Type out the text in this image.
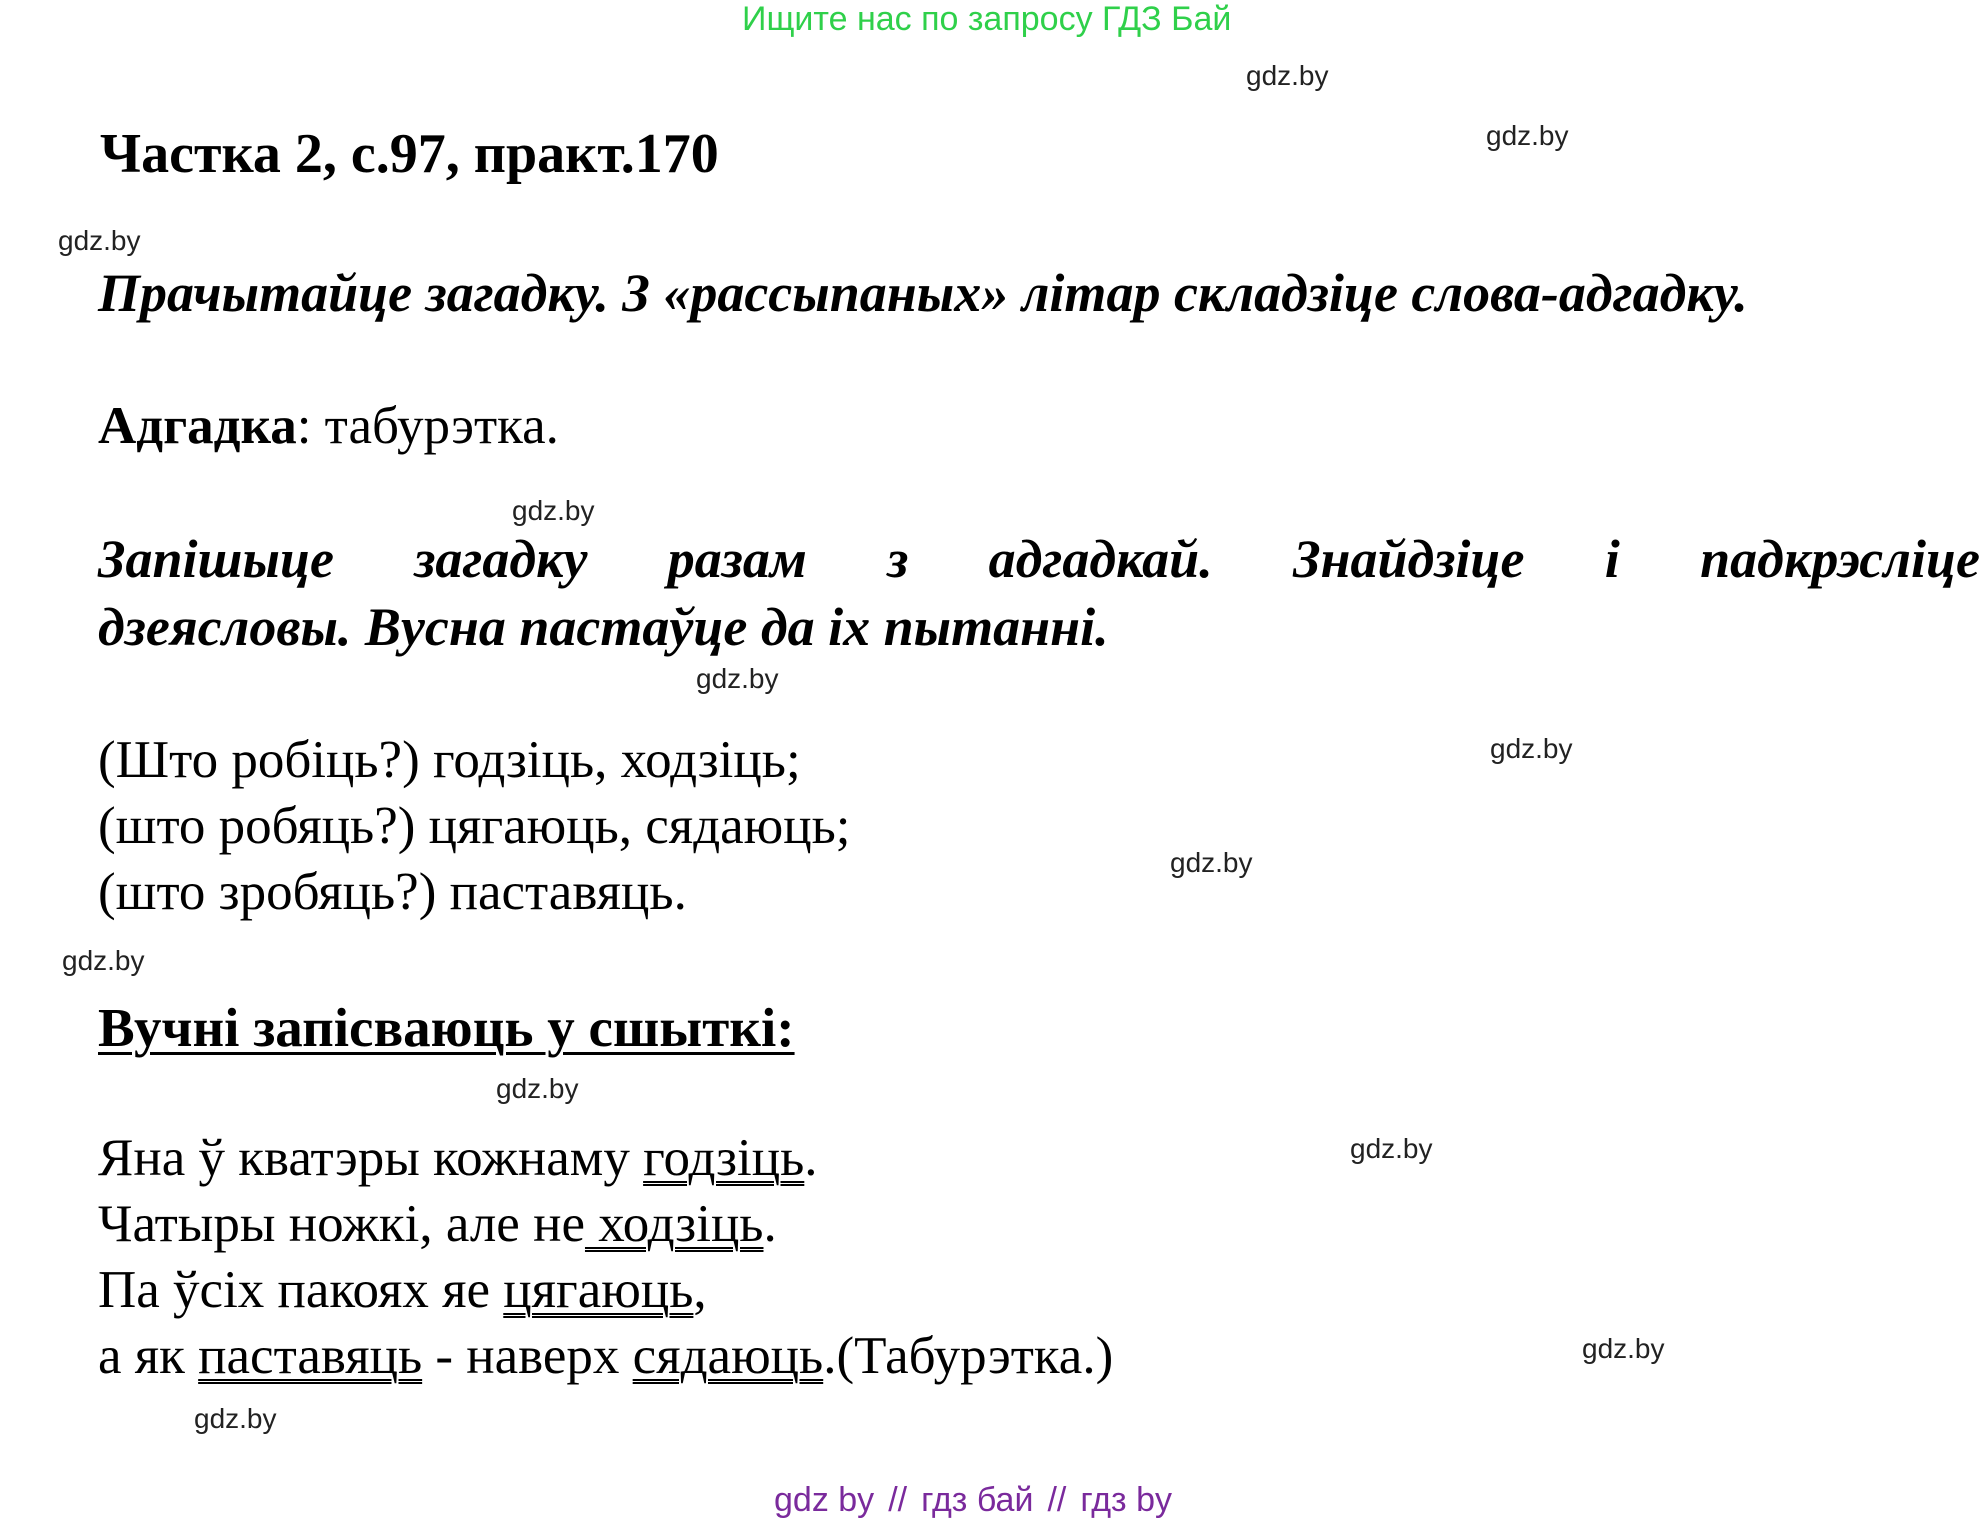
Ищите нас по запросу ГДЗ Бай
gdz.by
gdz.by
gdz.by
gdz.by
gdz.by
gdz.by
gdz.by
gdz.by
gdz.by
gdz.by
gdz.by
gdz.by
Частка 2, с.97, практ.170
Прачытайце загадку. З «рассыпаных» літар складзіце слова-адгадку.
Адгадка: табурэтка.
Запішыце загадку разам з адгадкай. Знайдзіце і падкрэсліце
дзеясловы. Вусна пастаўце да іх пытанні.
(Што робіць?) годзіць, ходзіць;
(што робяць?) цягаюць, сядаюць;
(што зробяць?) паставяць.
Вучні запісваюць у сшыткі:
Яна ў кватэры кожнаму годзіць.
Чатыры ножкі, але не ходзіць.
Па ўсіх пакоях яе цягаюць,
а як паставяць - наверх сядаюць.(Табурэтка.)
gdz by // гдз бай // гдз by
